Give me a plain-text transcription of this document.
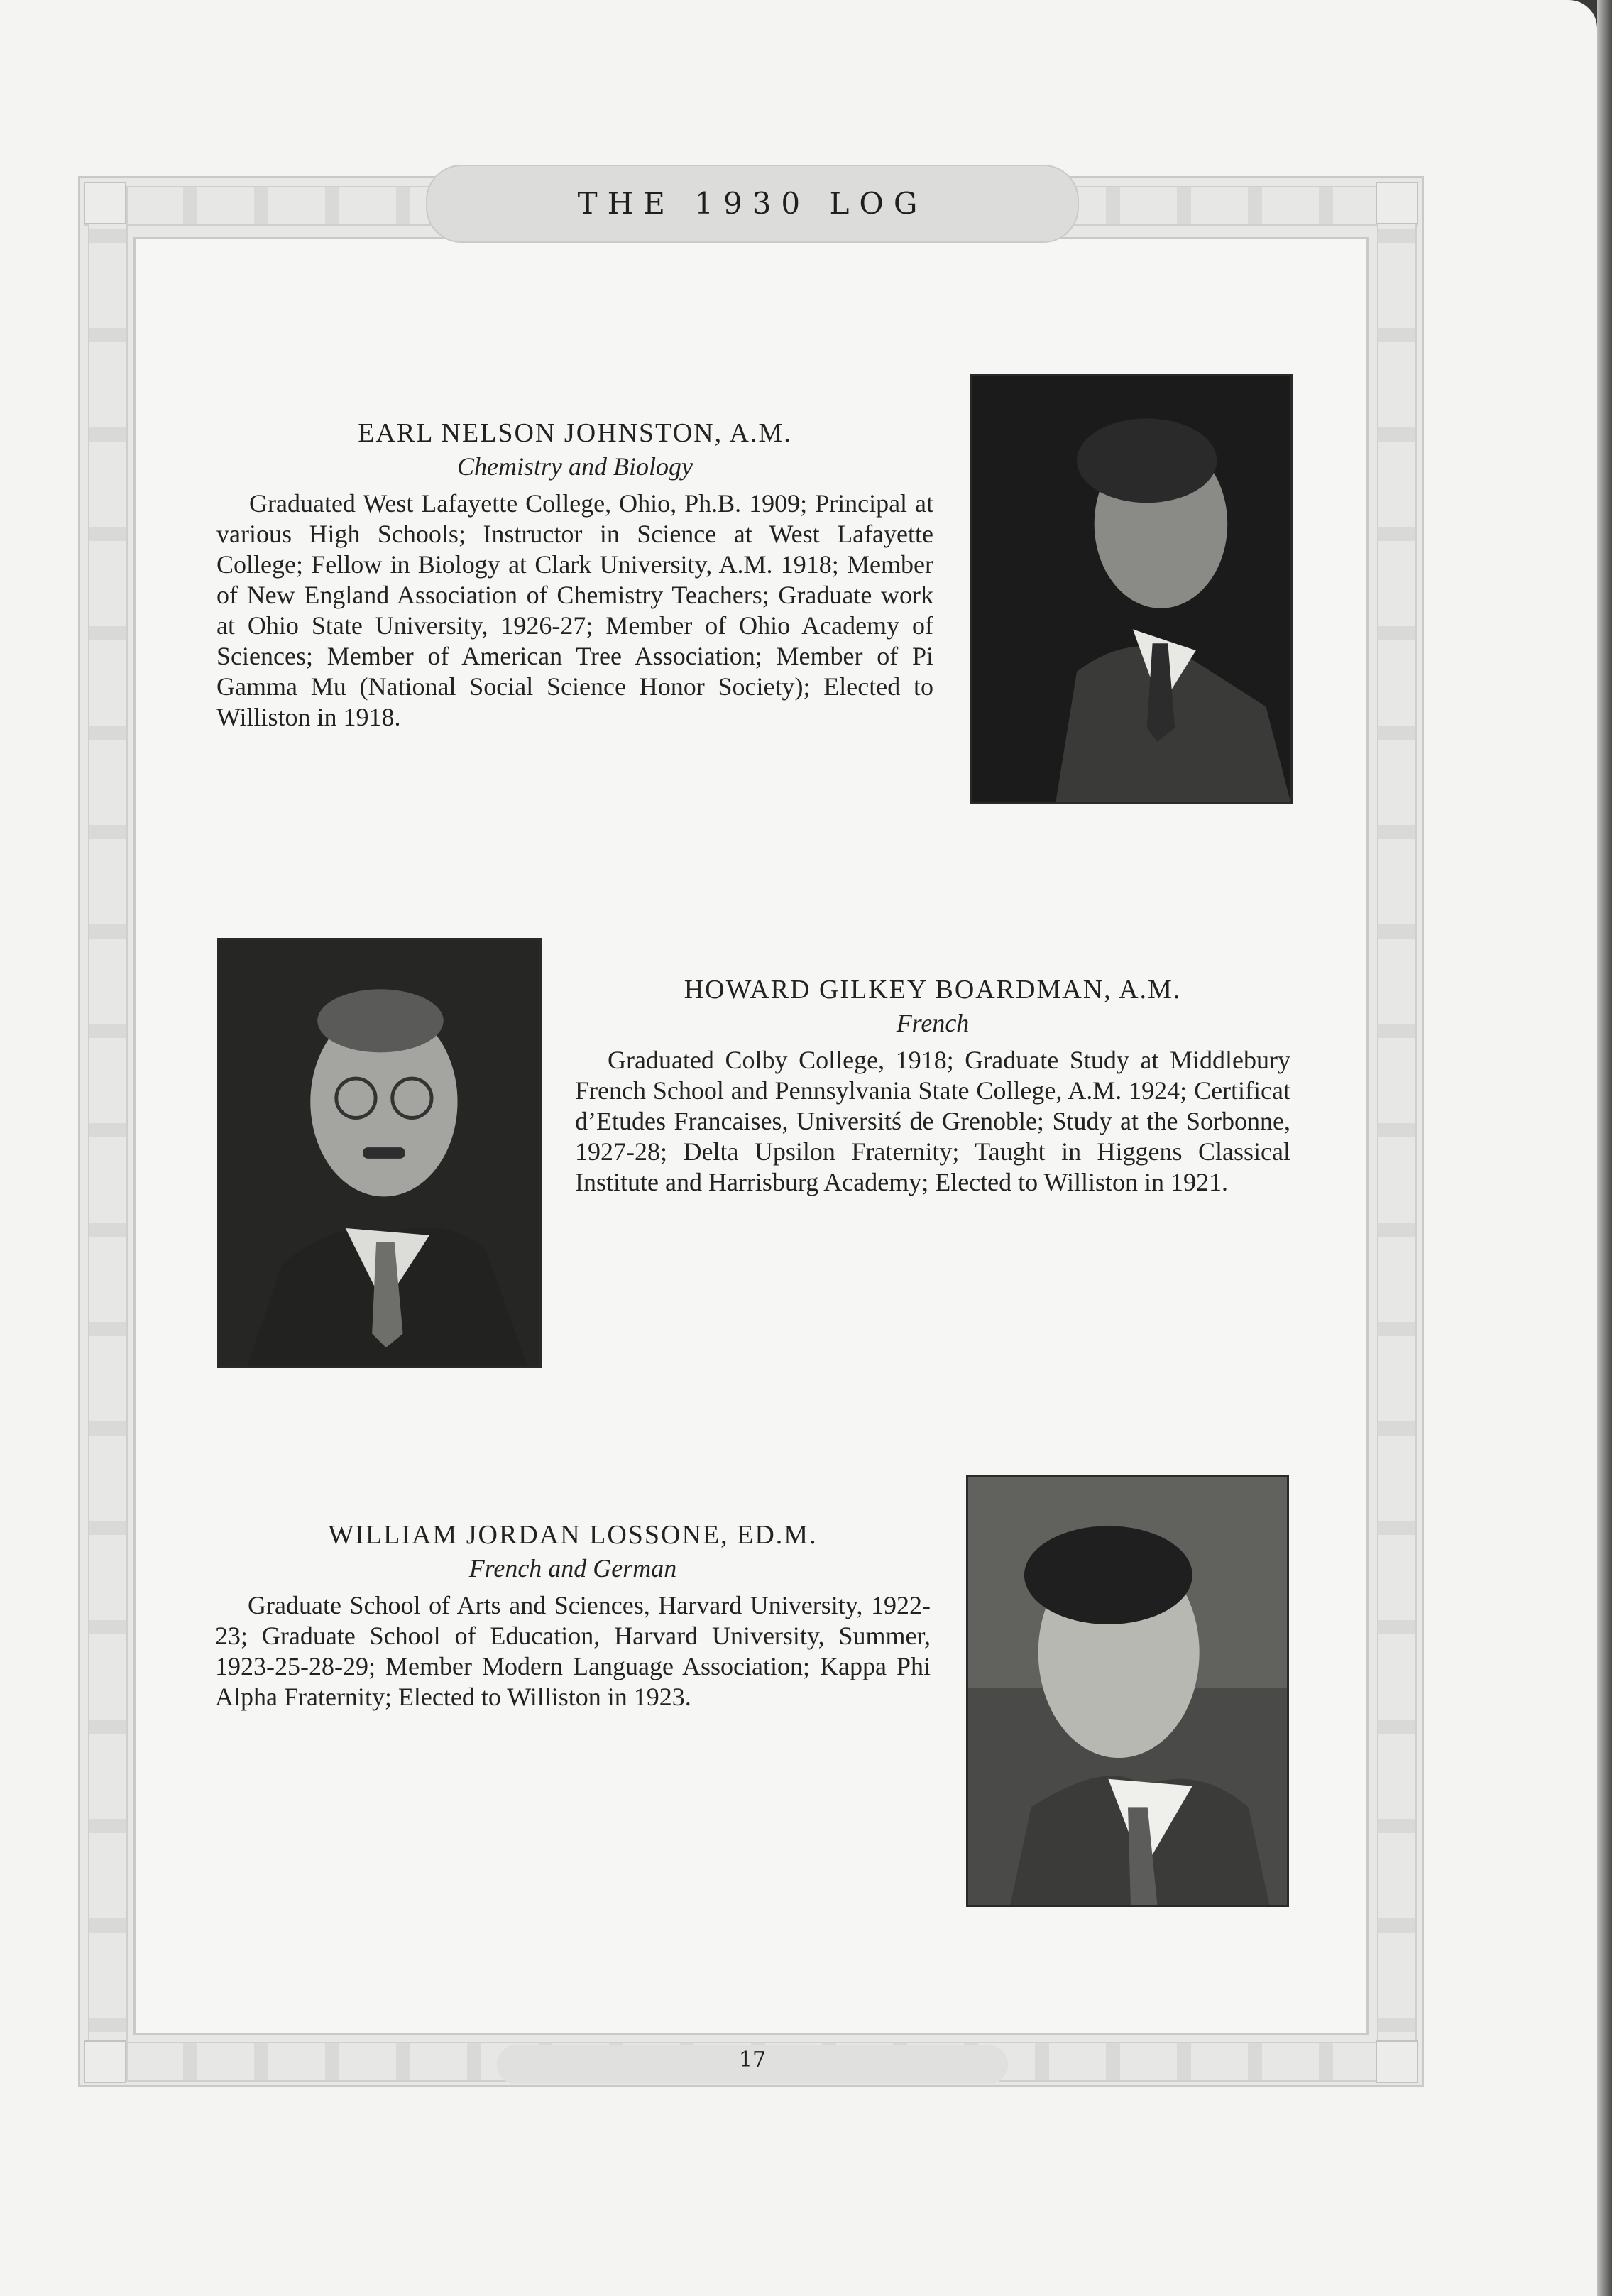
THE 1930 LOG

EARL NELSON JOHNSTON, A.M.

Chemistry and Biology

Graduated West Lafayette College, Ohio, Ph.B. 1909; Principal at various High Schools; Instructor in Science at West Lafayette College; Fellow in Biology at Clark University, A.M. 1918; Member of New England Association of Chemistry Teachers; Graduate work at Ohio State University, 1926-27; Member of Ohio Academy of Sciences; Member of American Tree Association; Member of Pi Gamma Mu (National Social Science Honor Society); Elected to Williston in 1918.

HOWARD GILKEY BOARDMAN, A.M.

French

Graduated Colby College, 1918; Graduate Study at Middlebury French School and Pennsylvania State College, A.M. 1924; Certificat d’Etudes Francaises, Universitś de Grenoble; Study at the Sorbonne, 1927-28; Delta Upsilon Fraternity; Taught in Higgens Classical Institute and Harrisburg Academy; Elected to Williston in 1921.

WILLIAM JORDAN LOSSONE, ED.M.

French and German

Graduate School of Arts and Sciences, Harvard University, 1922-23; Graduate School of Education, Harvard University, Summer, 1923-25-28-29; Member Modern Language Association; Kappa Phi Alpha Fraternity; Elected to Williston in 1923.

17
